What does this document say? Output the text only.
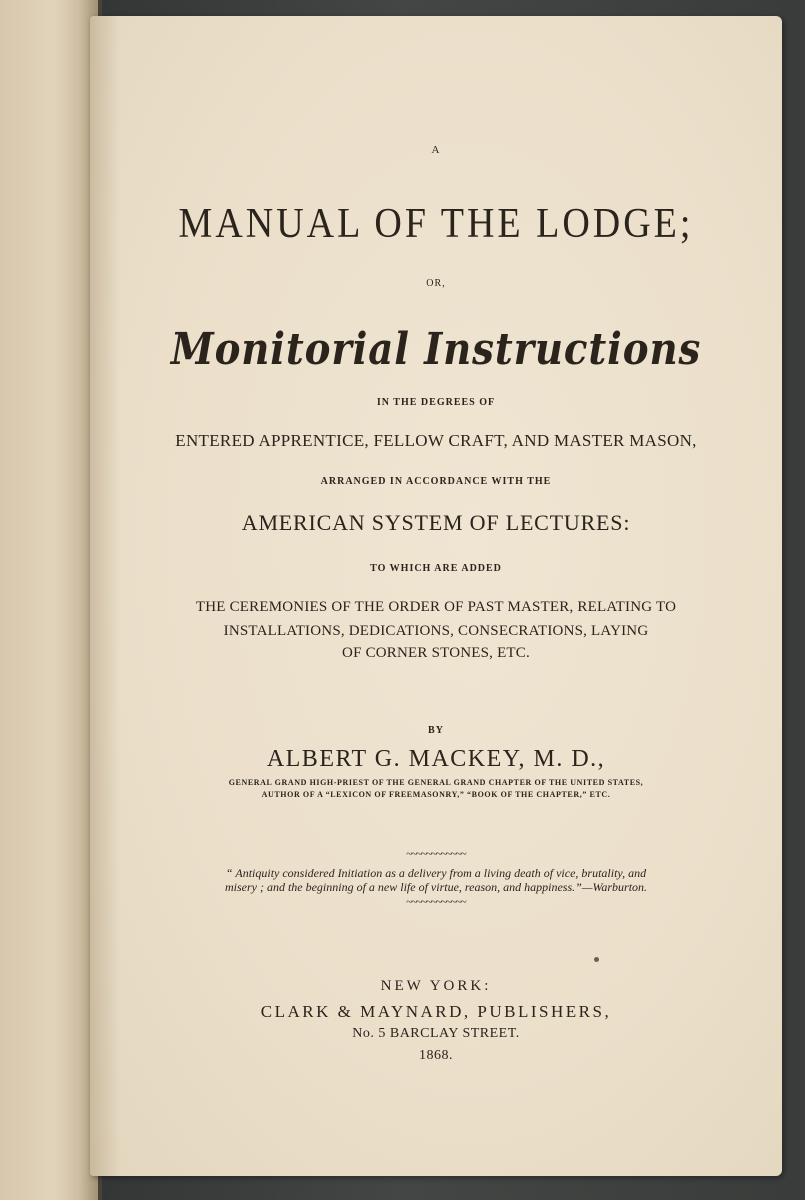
A
MANUAL OF THE LODGE;
OR,
Monitorial Instructions
IN THE DEGREES OF
ENTERED APPRENTICE, FELLOW CRAFT, AND MASTER MASON,
ARRANGED IN ACCORDANCE WITH THE
AMERICAN SYSTEM OF LECTURES:
TO WHICH ARE ADDED
THE CEREMONIES OF THE ORDER OF PAST MASTER, RELATING TO
INSTALLATIONS, DEDICATIONS, CONSECRATIONS, LAYING
OF CORNER STONES, ETC.
BY
ALBERT G. MACKEY, M. D.,
GENERAL GRAND HIGH-PRIEST OF THE GENERAL GRAND CHAPTER OF THE UNITED STATES,
AUTHOR OF A “LEXICON OF FREEMASONRY,” “BOOK OF THE CHAPTER,” ETC.
~~~~~~~~~~~~
“ Antiquity considered Initiation as a delivery from a living death of vice, brutality, and
misery ; and the beginning of a new life of virtue, reason, and happiness.”—Warburton.
~~~~~~~~~~~~
NEW YORK:
CLARK & MAYNARD, PUBLISHERS,
No. 5 BARCLAY STREET.
1868.
